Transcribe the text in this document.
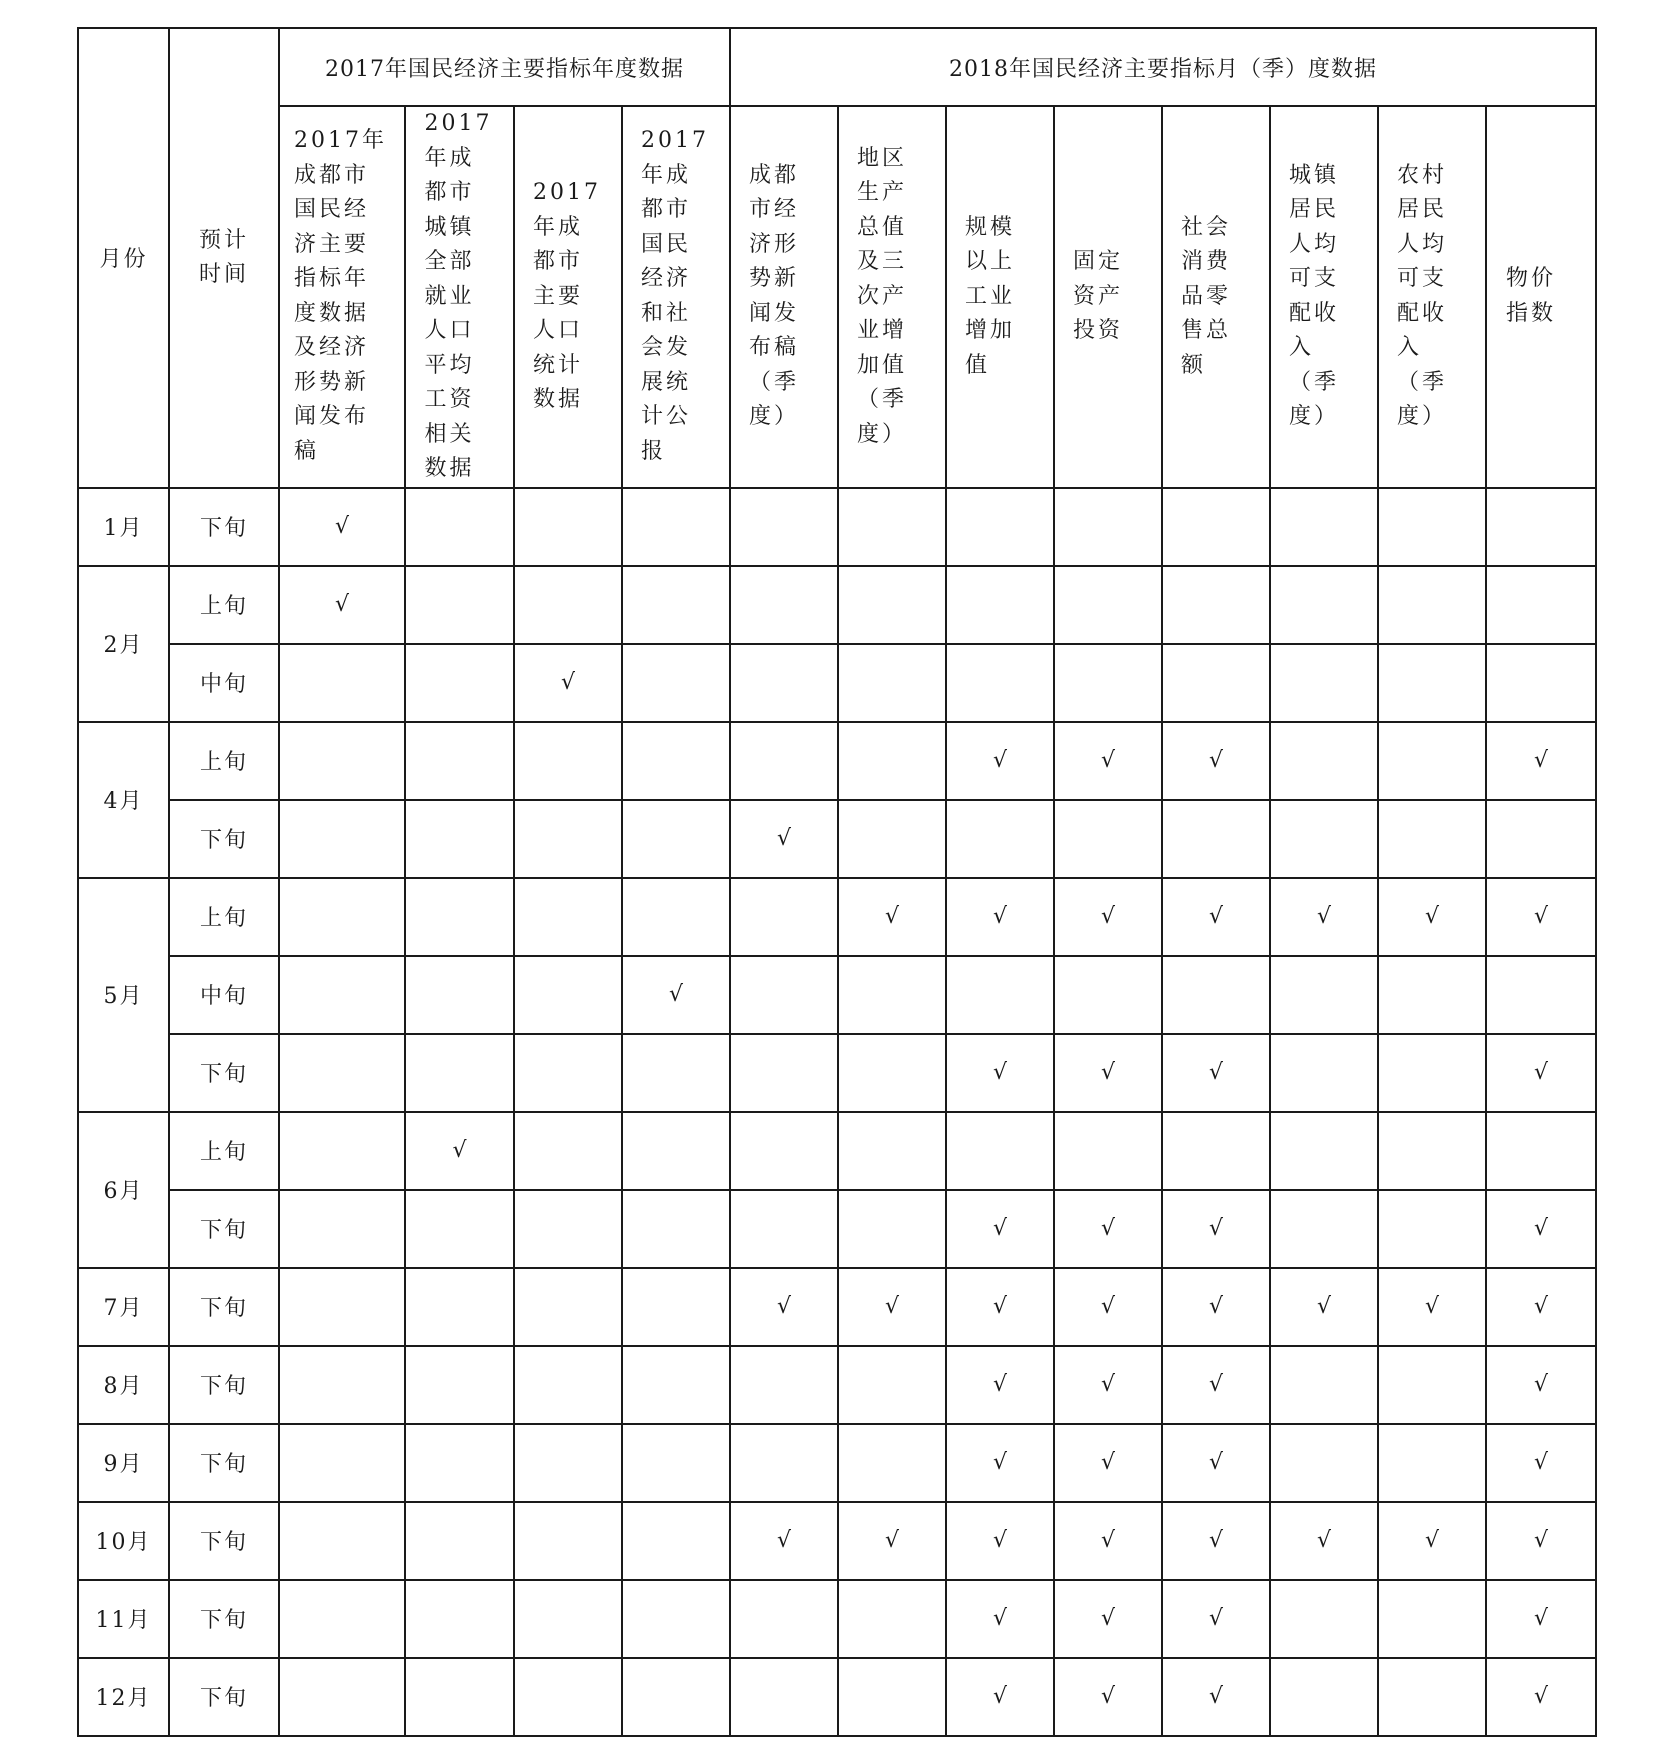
月份	预计时间	2017年国民经济主要指标年度数据				2018年国民经济主要指标月（季）度数据							
		2017年成都市国民经济主要指标年度数据及经济形势新闻发布稿	2017年成都市城镇全部就业人口平均工资相关数据	2017年成都市主要人口统计数据	2017年成都市国民经济和社会发展统计公报	成都市经济形势新闻发布稿（季度）	地区生产总值及三次产业增加值（季度）	规模以上工业增加值	固定资产投资	社会消费品零售总额	城镇居民人均可支配收入（季度）	农村居民人均可支配收入（季度）	物价指数
1月	下旬	√											
2月	上旬	√											
	中旬			√									
4月	上旬							√	√	√			√
	下旬					√							
5月	上旬						√	√	√	√	√	√	√
	中旬				√								
	下旬							√	√	√			√
6月	上旬		√										
	下旬							√	√	√			√
7月	下旬					√	√	√	√	√	√	√	√
8月	下旬							√	√	√			√
9月	下旬							√	√	√			√
10月	下旬					√	√	√	√	√	√	√	√
11月	下旬							√	√	√			√
12月	下旬							√	√	√			√
